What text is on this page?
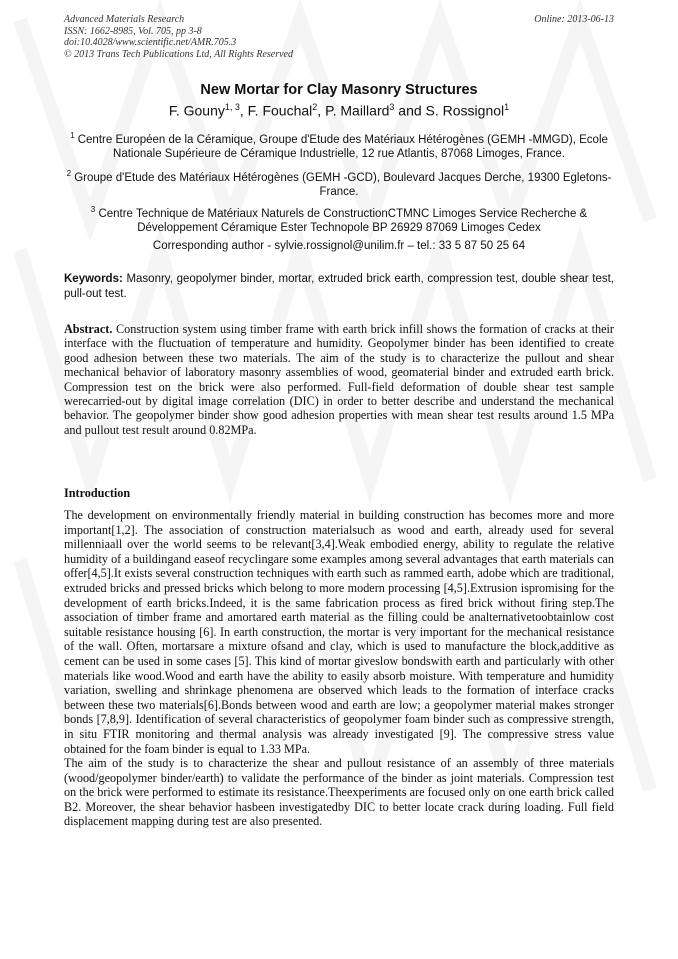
Advanced Materials Research
ISSN: 1662-8985, Vol. 705, pp 3-8
doi:10.4028/www.scientific.net/AMR.705.3
© 2013 Trans Tech Publications Ltd, All Rights Reserved
Online: 2013-06-13
New Mortar for Clay Masonry Structures
F. Gouny$^{1, 3}$, F. Fouchal$^2$, P. Maillard$^3$ and S. Rossignol$^1$
$^1$ Centre Européen de la Céramique, Groupe d'Etude des Matériaux Hétérogènes (GEMH -MMGD), Ecole Nationale Supérieure de Céramique Industrielle, 12 rue Atlantis, 87068 Limoges, France.
$^2$ Groupe d'Etude des Matériaux Hétérogènes (GEMH -GCD), Boulevard Jacques Derche, 19300 Egletons- France.
$^3$ Centre Technique de Matériaux Naturels de ConstructionCTMNC Limoges Service Recherche & Développement Céramique Ester Technopole BP 26929 87069 Limoges Cedex
Corresponding author - sylvie.rossignol@unilim.fr – tel.: 33 5 87 50 25 64
Keywords: Masonry, geopolymer binder, mortar, extruded brick earth, compression test, double shear test, pull-out test.
Abstract. Construction system using timber frame with earth brick infill shows the formation of cracks at their interface with the fluctuation of temperature and humidity. Geopolymer binder has been identified to create good adhesion between these two materials. The aim of the study is to characterize the pullout and shear mechanical behavior of laboratory masonry assemblies of wood, geomaterial binder and extruded earth brick. Compression test on the brick were also performed. Full-field deformation of double shear test sample werecarried-out by digital image correlation (DIC) in order to better describe and understand the mechanical behavior. The geopolymer binder show good adhesion properties with mean shear test results around 1.5 MPa and pullout test result around 0.82MPa.
Introduction

The development on environmentally friendly material in building construction has becomes more and more important[1,2]. The association of construction materialsuch as wood and earth, already used for several millenniaall over the world seems to be relevant[3,4].Weak embodied energy, ability to regulate the relative humidity of a buildingand easeof recyclingare some examples among several advantages that earth materials can offer[4,5].It exists several construction techniques with earth such as rammed earth, adobe which are traditional, extruded bricks and pressed bricks which belong to more modern processing [4,5].Extrusion ispromising for the development of earth bricks.Indeed, it is the same fabrication process as fired brick without firing step.The association of timber frame and amortared earth material as the filling could be analternativetoobtainlow cost suitable resistance housing [6]. In earth construction, the mortar is very important for the mechanical resistance of the wall. Often, mortarsare a mixture ofsand and clay, which is used to manufacture the block,additive as cement can be used in some cases [5]. This kind of mortar giveslow bondswith earth and particularly with other materials like wood.Wood and earth have the ability to easily absorb moisture. With temperature and humidity variation, swelling and shrinkage phenomena are observed which leads to the formation of interface cracks between these two materials[6].Bonds between wood and earth are low; a geopolymer material makes stronger bonds [7,8,9]. Identification of several characteristics of geopolymer foam binder such as compressive strength, in situ FTIR monitoring and thermal analysis was already investigated [9]. The compressive stress value obtained for the foam binder is equal to 1.33 MPa.

The aim of the study is to characterize the shear and pullout resistance of an assembly of three materials (wood/geopolymer binder/earth) to validate the performance of the binder as joint materials. Compression test on the brick were performed to estimate its resistance.Theexperiments are focused only on one earth brick called B2. Moreover, the shear behavior hasbeen investigatedby DIC to better locate crack during loading. Full field displacement mapping during test are also presented.
